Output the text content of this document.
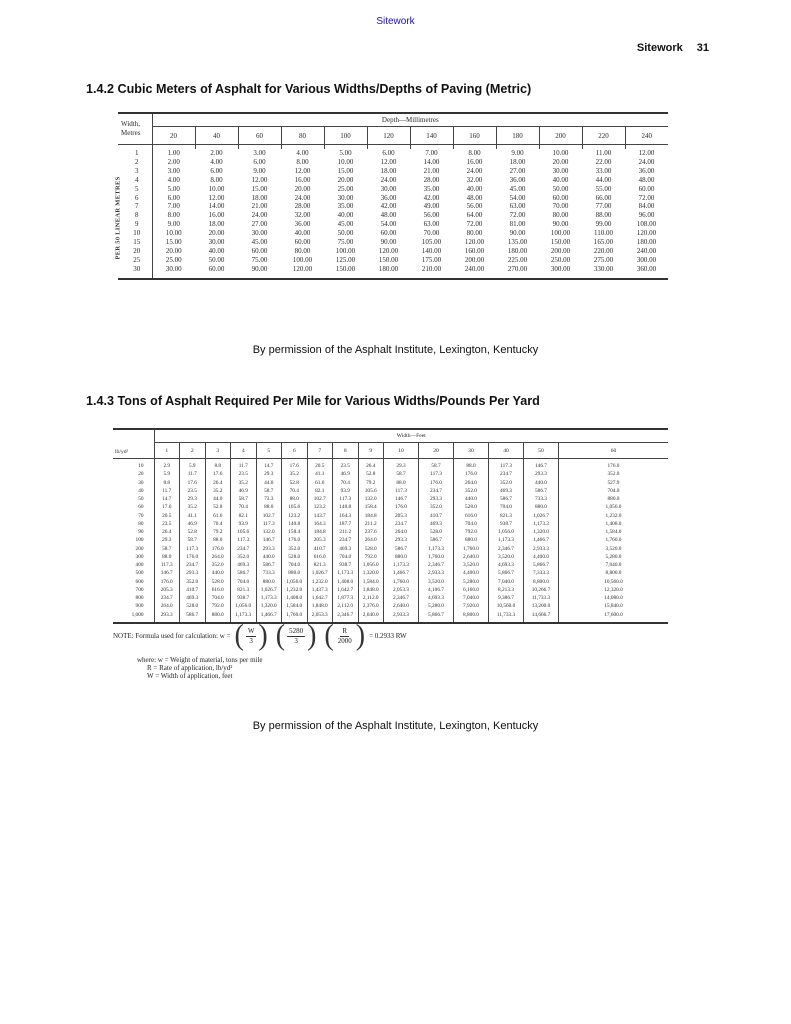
Sitework
Sitework 31
1.4.2 Cubic Meters of Asphalt for Various Widths/Depths of Paving (Metric)
PER 50 LINEAR METRES
Width,
Metres	Depth—Millimetres											
	20	40	60	80	100	120	140	160	180	200	220	240

1	1.00	2.00	3.00	4.00	5.00	6.00	7.00	8.00	9.00	10.00	11.00	12.00
2	2.00	4.00	6.00	8.00	10.00	12.00	14.00	16.00	18.00	20.00	22.00	24.00
3	3.00	6.00	9.00	12.00	15.00	18.00	21.00	24.00	27.00	30.00	33.00	36.00
4	4.00	8.00	12.00	16.00	20.00	24.00	28.00	32.00	36.00	40.00	44.00	48.00
5	5.00	10.00	15.00	20.00	25.00	30.00	35.00	40.00	45.00	50.00	55.00	60.00
6	6.00	12.00	18.00	24.00	30.00	36.00	42.00	48.00	54.00	60.00	66.00	72.00
7	7.00	14.00	21.00	28.00	35.00	42.00	49.00	56.00	63.00	70.00	77.00	84.00
8	8.00	16.00	24.00	32.00	40.00	48.00	56.00	64.00	72.00	80.00	88.00	96.00
9	9.00	18.00	27.00	36.00	45.00	54.00	63.00	72.00	81.00	90.00	99.00	108.00
10	10.00	20.00	30.00	40.00	50.00	60.00	70.00	80.00	90.00	100.00	110.00	120.00
15	15.00	30.00	45.00	60.00	75.00	90.00	105.00	120.00	135.00	150.00	165.00	180.00
20	20.00	40.00	60.00	80.00	100.00	120.00	140.00	160.00	180.00	200.00	220.00	240.00
25	25.00	50.00	75.00	100.00	125.00	150.00	175.00	200.00	225.00	250.00	275.00	300.00
30	30.00	60.00	90.00	120.00	150.00	180.00	210.00	240.00	270.00	300.00	330.00	360.00

By permission of the Asphalt Institute, Lexington, Kentucky
1.4.3 Tons of Asphalt Required Per Mile for Various Widths/Pounds Per Yard
lb/yd²	Width—Feet														
	1	2	3	4	5	6	7	8	9	10	20	30	40	50	60

10	2.9	5.9	8.8	11.7	14.7	17.6	20.5	23.5	26.4	29.3	58.7	88.0	117.3	146.7	176.0
20	5.9	11.7	17.6	23.5	29.3	35.2	41.1	46.9	52.8	58.7	117.3	176.0	234.7	293.3	352.0
30	8.8	17.6	26.4	35.2	44.0	52.8	61.6	70.4	79.2	88.0	176.0	264.0	352.0	440.0	527.9
40	11.7	23.5	35.2	46.9	58.7	70.4	82.1	93.9	105.6	117.3	234.7	352.0	469.3	586.7	704.0
50	14.7	29.3	44.0	58.7	73.3	88.0	102.7	117.3	132.0	146.7	293.3	440.0	586.7	733.3	880.0
60	17.6	35.2	52.8	70.4	88.0	105.6	123.2	140.8	158.4	176.0	352.0	528.0	704.0	880.0	1,056.0
70	20.5	41.1	61.6	82.1	102.7	123.2	143.7	164.3	184.8	205.3	410.7	616.0	821.3	1,026.7	1,232.0
80	23.5	46.9	70.4	93.9	117.3	140.8	164.3	187.7	211.2	234.7	469.3	704.0	938.7	1,173.3	1,408.0
90	26.4	52.8	79.2	105.6	132.0	158.4	184.8	211.2	237.6	264.0	528.0	792.0	1,056.0	1,320.0	1,584.0
100	29.3	58.7	88.0	117.3	146.7	176.0	205.3	234.7	264.0	293.3	586.7	880.0	1,173.3	1,466.7	1,760.0
200	58.7	117.3	176.0	234.7	293.3	352.0	410.7	469.3	528.0	586.7	1,173.3	1,760.0	2,346.7	2,933.3	3,520.0
300	88.0	176.0	264.0	352.0	440.0	528.0	616.0	704.0	792.0	880.0	1,760.0	2,640.0	3,520.0	4,400.0	5,280.0
400	117.3	234.7	352.0	469.3	586.7	704.0	821.3	938.7	1,056.0	1,173.3	2,346.7	3,520.0	4,693.3	5,866.7	7,040.0
500	146.7	293.3	440.0	586.7	733.3	880.0	1,026.7	1,173.3	1,320.0	1,466.7	2,933.3	4,400.0	5,866.7	7,333.3	8,800.0
600	176.0	352.0	528.0	704.0	880.0	1,056.0	1,232.0	1,408.0	1,584.0	1,760.0	3,520.0	5,280.0	7,040.0	8,800.0	10,560.0
700	205.3	410.7	616.0	821.3	1,026.7	1,232.0	1,437.3	1,642.7	1,848.0	2,053.3	4,106.7	6,160.0	8,213.3	10,266.7	12,320.0
800	234.7	469.3	704.0	938.7	1,173.3	1,408.0	1,642.7	1,877.3	2,112.0	2,346.7	4,693.3	7,040.0	9,386.7	11,733.3	14,080.0
900	264.0	528.0	792.0	1,056.0	1,320.0	1,584.0	1,848.0	2,112.0	2,376.0	2,640.0	5,280.0	7,920.0	10,560.0	13,200.0	15,840.0
1,000	293.3	586.7	880.0	1,173.3	1,466.7	1,760.0	2,053.3	2,346.7	2,640.0	2,933.3	5,866.7	8,800.0	11,733.3	14,666.7	17,600.0

NOTE: Formula used for calculation: w = ( $\frac{W}{3}$ ) ( $\frac{5280}{3}$ ) ( $\frac{R}{2000}$ ) = 0.2933 RW
where: w = Weight of material, tons per mile
R = Rate of application, lb/yd²
W = Width of application, feet
By permission of the Asphalt Institute, Lexington, Kentucky
